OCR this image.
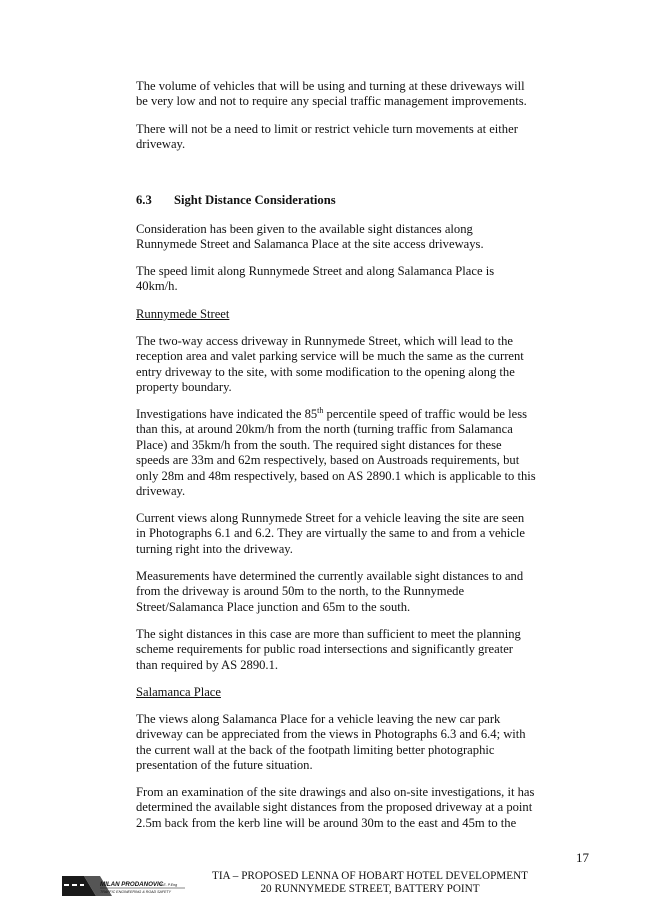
The volume of vehicles that will be using and turning at these driveways will be very low and not to require any special traffic management improvements.

There will not be a need to limit or restrict vehicle turn movements at either driveway.

6.3 Sight Distance Considerations

Consideration has been given to the available sight distances along Runnymede Street and Salamanca Place at the site access driveways.

The speed limit along Runnymede Street and along Salamanca Place is 40km/h.

Runnymede Street

The two-way access driveway in Runnymede Street, which will lead to the reception area and valet parking service will be much the same as the current entry driveway to the site, with some modification to the opening along the property boundary.

Investigations have indicated the 85th percentile speed of traffic would be less than this, at around 20km/h from the north (turning traffic from Salamanca Place) and 35km/h from the south. The required sight distances for these speeds are 33m and 62m respectively, based on Austroads requirements, but only 28m and 48m respectively, based on AS 2890.1 which is applicable to this driveway.

Current views along Runnymede Street for a vehicle leaving the site are seen in Photographs 6.1 and 6.2. They are virtually the same to and from a vehicle turning right into the driveway.

Measurements have determined the currently available sight distances to and from the driveway is around 50m to the north, to the Runnymede Street/Salamanca Place junction and 65m to the south.

The sight distances in this case are more than sufficient to meet the planning scheme requirements for public road intersections and significantly greater than required by AS 2890.1.

Salamanca Place

The views along Salamanca Place for a vehicle leaving the new car park driveway can be appreciated from the views in Photographs 6.3 and 6.4; with the current wall at the back of the footpath limiting better photographic presentation of the future situation.

From an examination of the site drawings and also on-site investigations, it has determined the available sight distances from the proposed driveway at a point 2.5m back from the kerb line will be around 30m to the east and 45m to the

17
MILAN PRODANOVIC
B.E. P.Eng
TRAFFIC ENGINEERING & ROAD SAFETY
TIA – PROPOSED LENNA OF HOBART HOTEL DEVELOPMENT
20 RUNNYMEDE STREET, BATTERY POINT
